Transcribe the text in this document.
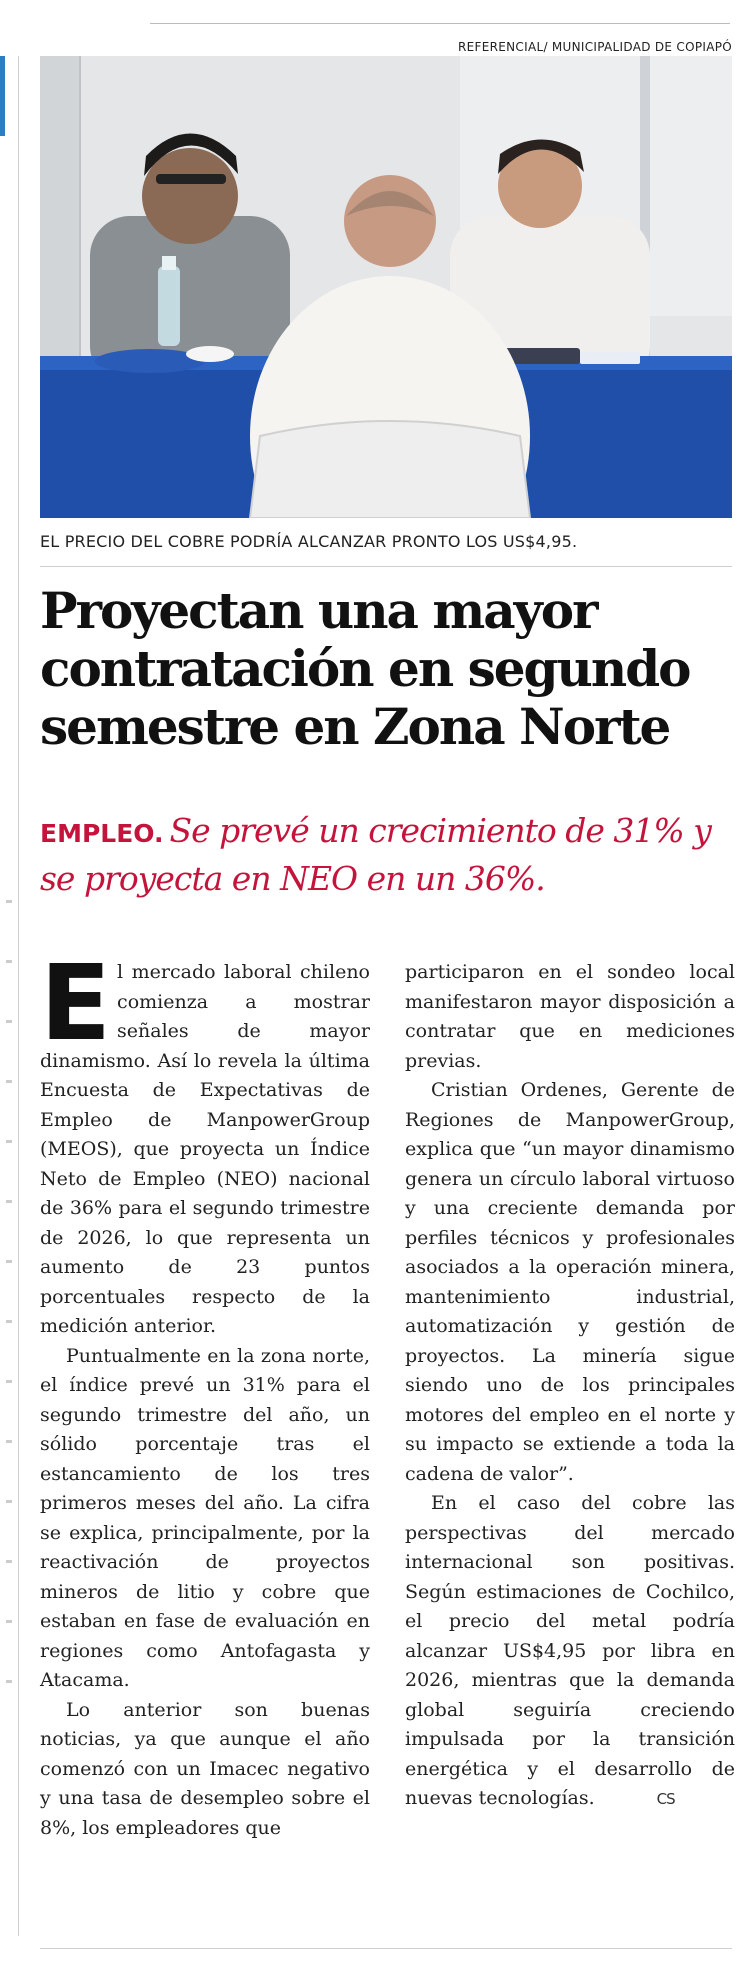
REFERENCIAL/ MUNICIPALIDAD DE COPIAPÓ
EL PRECIO DEL COBRE PODRÍA ALCANZAR PRONTO LOS US$4,95.
Proyectan una mayor contratación en segundo semestre en Zona Norte
EMPLEO. Se prevé un crecimiento de 31% y se proyecta en NEO en un 36%.

El mercado laboral chileno comienza a mostrar señales de mayor dinamismo. Así lo revela la última Encuesta de Expectativas de Empleo de ManpowerGroup (MEOS), que proyecta un Índice Neto de Empleo (NEO) nacional de 36% para el segundo trimestre de 2026, lo que representa un aumento de 23 puntos porcentuales respecto de la medición anterior.

Puntualmente en la zona norte, el índice prevé un 31% para el segundo trimestre del año, un sólido porcentaje tras el estancamiento de los tres primeros meses del año. La cifra se explica, principalmente, por la reactivación de proyectos mineros de litio y cobre que estaban en fase de evaluación en regiones como Antofagasta y Atacama.

Lo anterior son buenas noticias, ya que aunque el año comenzó con un Imacec negativo y una tasa de desempleo sobre el 8%, los empleadores que

participaron en el sondeo local manifestaron mayor disposición a contratar que en mediciones previas.

Cristian Ordenes, Gerente de Regiones de ManpowerGroup, explica que “un mayor dinamismo genera un círculo laboral virtuoso y una creciente demanda por perfiles técnicos y profesionales asociados a la operación minera, mantenimiento industrial, automatización y gestión de proyectos. La minería sigue siendo uno de los principales motores del empleo en el norte y su impacto se extiende a toda la cadena de valor”.

En el caso del cobre las perspectivas del mercado internacional son positivas. Según estimaciones de Cochilco, el precio del metal podría alcanzar US$4,95 por libra en 2026, mientras que la demanda global seguiría creciendo impulsada por la transición energética y el desarrollo de nuevas tecnologías.	CS
